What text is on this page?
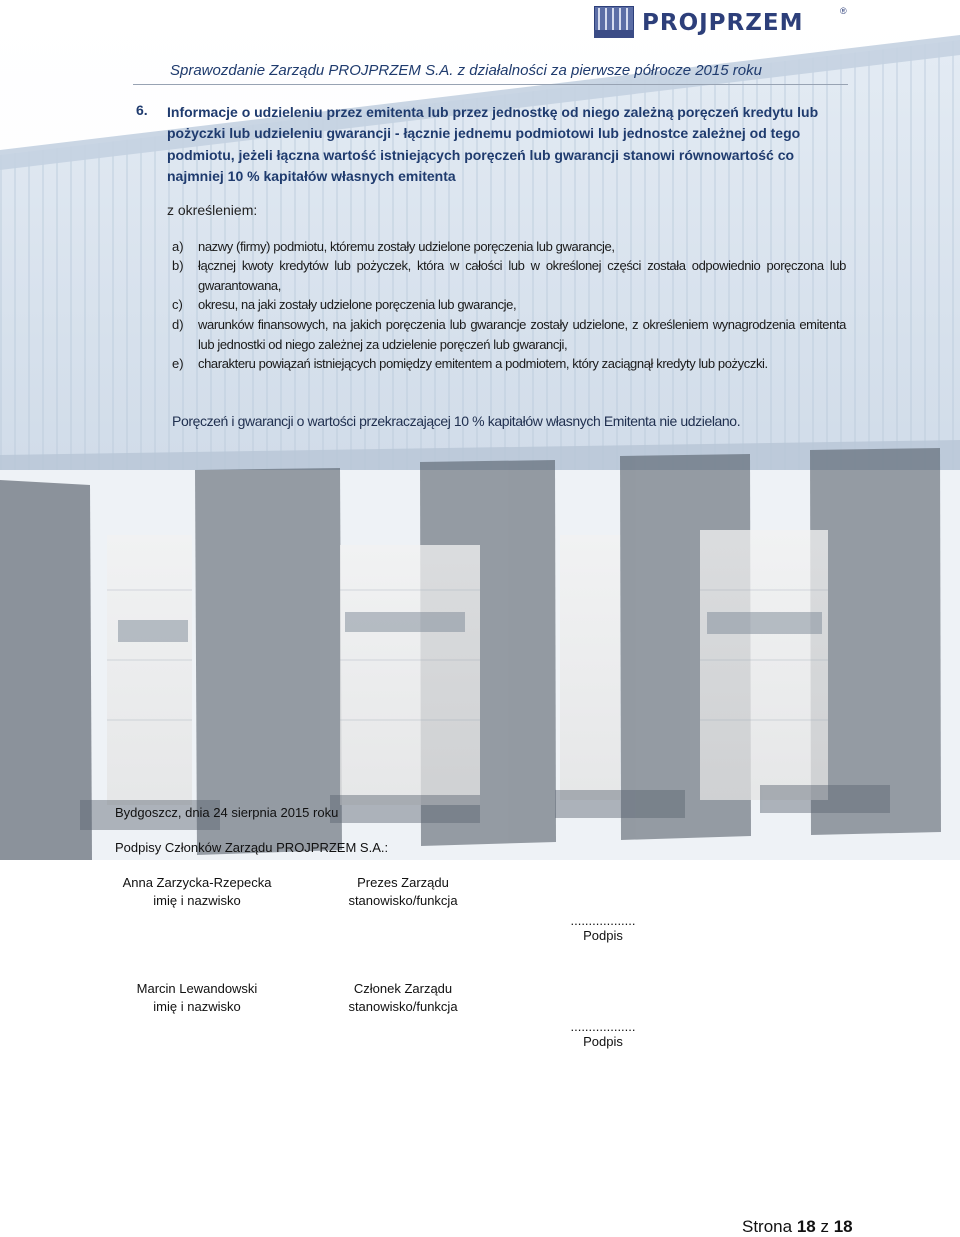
PROJPRZEM	®
Sprawozdanie Zarządu PROJPRZEM S.A. z działalności za pierwsze półrocze 2015 roku
6. Informacje o udzieleniu przez emitenta lub przez jednostkę od niego zależną poręczeń kredytu lub pożyczki lub udzieleniu gwarancji - łącznie jednemu podmiotowi lub jednostce zależnej od tego podmiotu, jeżeli łączna wartość istniejących poręczeń lub gwarancji stanowi równowartość co najmniej 10 % kapitałów własnych emitenta
z określeniem:
a) nazwy (firmy) podmiotu, któremu zostały udzielone poręczenia lub gwarancje,
b) łącznej kwoty kredytów lub pożyczek, która w całości lub w określonej części została odpowiednio poręczona lub gwarantowana,
c) okresu, na jaki zostały udzielone poręczenia lub gwarancje,
d) warunków finansowych, na jakich poręczenia lub gwarancje zostały udzielone, z określeniem wynagrodzenia emitenta lub jednostki od niego zależnej za udzielenie poręczeń lub gwarancji,
e) charakteru powiązań istniejących pomiędzy emitentem a podmiotem, który zaciągnął kredyty lub pożyczki.
Poręczeń i gwarancji o wartości przekraczającej 10 % kapitałów własnych Emitenta nie udzielano.
Bydgoszcz, dnia 24 sierpnia 2015 roku
Podpisy Członków Zarządu PROJPRZEM S.A.:
Anna Zarzycka-Rzepecka
imię i nazwisko
Prezes Zarządu
stanowisko/funkcja
..................
Podpis
Marcin Lewandowski
imię i nazwisko
Członek Zarządu
stanowisko/funkcja
..................
Podpis
Strona 18 z 18
